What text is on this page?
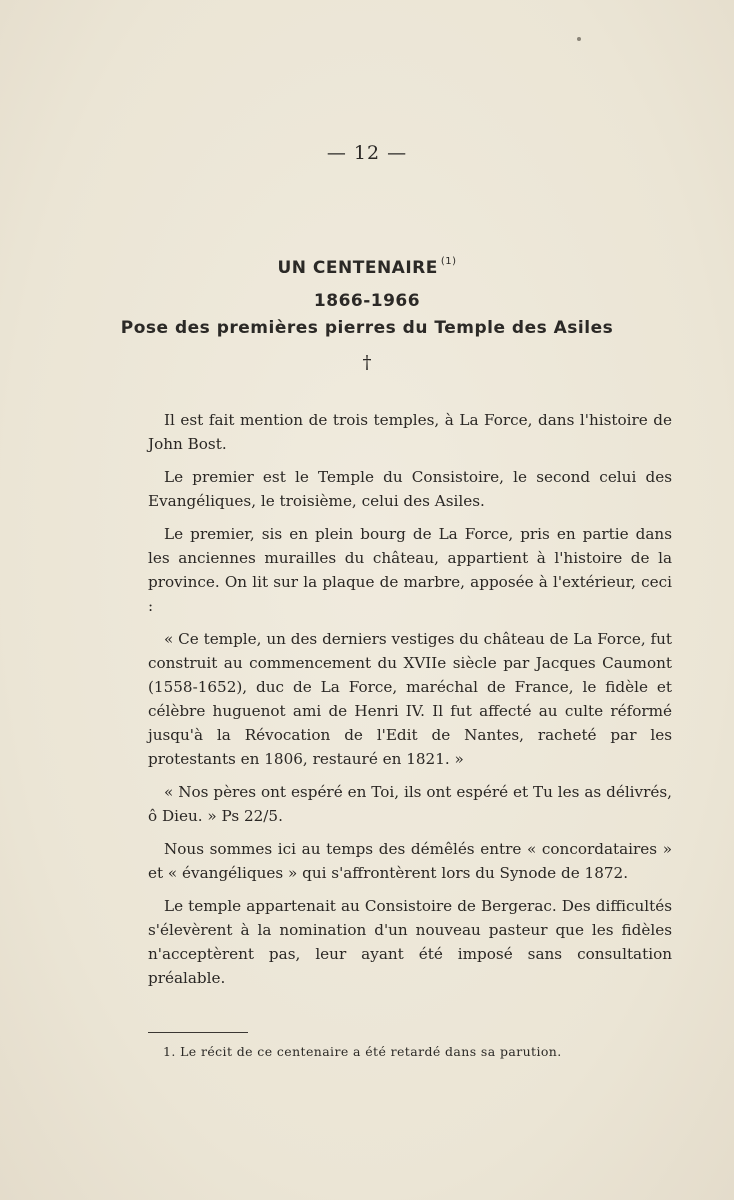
— 12 —
UN CENTENAIRE $^{(1)}$
1866-1966
Pose des premières pierres du Temple des Asiles
†

Il est fait mention de trois temples, à La Force, dans l'histoire de John Bost.

Le premier est le Temple du Consistoire, le second celui des Evangéliques, le troisième, celui des Asiles.

Le premier, sis en plein bourg de La Force, pris en partie dans les anciennes murailles du château, appartient à l'histoire de la province. On lit sur la plaque de marbre, apposée à l'extérieur, ceci :

« Ce temple, un des derniers vestiges du château de La Force, fut construit au commencement du XVIIe siècle par Jacques Caumont (1558-1652), duc de La Force, maréchal de France, le fidèle et célèbre huguenot ami de Henri IV. Il fut affecté au culte réformé jusqu'à la Révocation de l'Edit de Nantes, racheté par les protestants en 1806, restauré en 1821. »

« Nos pères ont espéré en Toi, ils ont espéré et Tu les as délivrés, ô Dieu. » Ps 22/5.

Nous sommes ici au temps des démêlés entre « concordataires » et « évangéliques » qui s'affrontèrent lors du Synode de 1872.

Le temple appartenait au Consistoire de Bergerac. Des difficultés s'élevèrent à la nomination d'un nouveau pasteur que les fidèles n'acceptèrent pas, leur ayant été imposé sans consultation préalable.

1. Le récit de ce centenaire a été retardé dans sa parution.
